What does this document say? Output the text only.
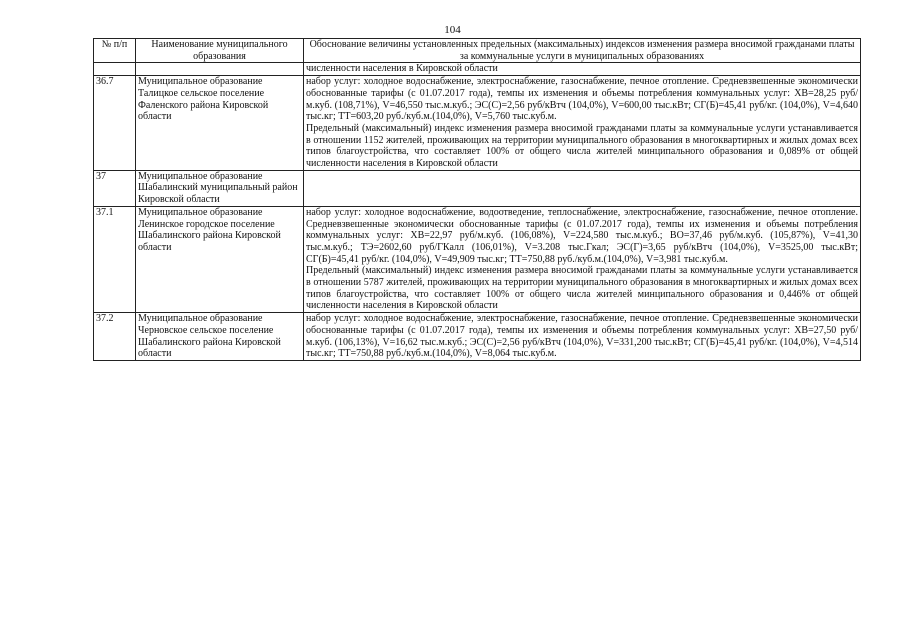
104
№ п/п	Наименование муниципального образования	Обоснование величины установленных предельных (максимальных) индексов изменения размера вносимой гражданами платы за коммунальные услуги в муниципальных образованиях
		численности населения в Кировской области
36.7	Муниципальное образование Талицкое сельское поселение Фаленского района Кировской области	набор услуг: холодное водоснабжение, электроснабжение, газоснабжение, печное отопление. Средневзвешенные экономически обоснованные тарифы (с 01.07.2017 года), темпы их изменения и объемы потребления коммунальных услуг: ХВ=28,25 руб/м.куб. (108,71%), V=46,550 тыс.м.куб.; ЭС(С)=2,56 руб/кВтч (104,0%), V=600,00 тыс.кВт; СГ(Б)=45,41 руб/кг. (104,0%), V=4,640 тыс.кг; ТТ=603,20 руб./куб.м.(104,0%), V=5,760 тыс.куб.м.

Предельный (максимальный) индекс изменения размера вносимой гражданами платы за коммунальные услуги устанавливается в отношении 1152 жителей, проживающих на территории муниципального образования в многоквартирных и жилых домах всех типов благоустройства, что составляет 100% от общего числа жителей минципального образования и 0,089% от общей численности населения в Кировской области

37	Муниципальное образование Шабалинский муниципальный район Кировской области	
37.1	Муниципальное образование Ленинское городское поселение Шабалинского района Кировской области	набор услуг: холодное водоснабжение, водоотведение, теплоснабжение, электроснабжение, газоснабжение, печное отопление. Средневзвешенные экономически обоснованные тарифы (с 01.07.2017 года), темпы их изменения и объемы потребления коммунальных услуг: ХВ=22,97 руб/м.куб. (106,08%), V=224,580 тыс.м.куб.; ВО=37,46 руб/м.куб. (105,87%), V=41,30 тыс.м.куб.; ТЭ=2602,60 руб/ГКалл (106,01%), V=3.208 тыс.Гкал; ЭС(Г)=3,65 руб/кВтч (104,0%), V=3525,00 тыс.кВт; СГ(Б)=45,41 руб/кг. (104,0%), V=49,909 тыс.кг; ТТ=750,88 руб./куб.м.(104,0%), V=3,981 тыс.куб.м.

Предельный (максимальный) индекс изменения размера вносимой гражданами платы за коммунальные услуги устанавливается в отношении 5787 жителей, проживающих на территории муниципального образования в многоквартирных и жилых домах всех типов благоустройства, что составляет 100% от общего числа жителей минципального образования и 0,446% от общей численности населения в Кировской области

37.2	Муниципальное образование Черновское сельское поселение Шабалинского района Кировской области	набор услуг: холодное водоснабжение, электроснабжение, газоснабжение, печное отопление. Средневзвешенные экономически обоснованные тарифы (с 01.07.2017 года), темпы их изменения и объемы потребления коммунальных услуг: ХВ=27,50 руб/м.куб. (106,13%), V=16,62 тыс.м.куб.; ЭС(С)=2,56 руб/кВтч (104,0%), V=331,200 тыс.кВт; СГ(Б)=45,41 руб/кг. (104,0%), V=4,514 тыс.кг; ТТ=750,88 руб./куб.м.(104,0%), V=8,064 тыс.куб.м.
